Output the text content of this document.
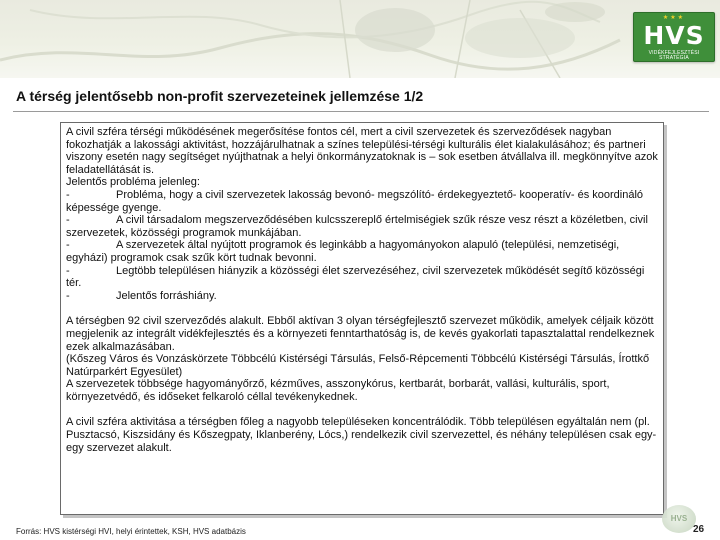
★★★
HVS
VIDÉKFEJLESZTÉSI STRATÉGIA
A térség jelentősebb non-profit szervezeteinek jellemzése 1/2

A civil szféra térségi működésének megerősítése fontos cél, mert a civil szervezetek és szerveződések nagyban fokozhatják a lakossági aktivitást, hozzájárulhatnak a színes települési-térségi kulturális élet kialakulásához; és partneri viszony esetén nagy segítséget nyújthatnak a helyi önkormányzatoknak is – sok esetben átvállalva ill. megkönnyítve azok feladatellátását is.

Jelentős probléma jelenleg:

-	Probléma, hogy a civil szervezetek lakosság bevonó- megszólító- érdekegyeztető- kooperatív- és koordináló képessége gyenge.

-	A civil társadalom megszerveződésében kulcsszereplő értelmiségiek szűk része vesz részt a közéletben, civil szervezetek, közösségi programok munkájában.

-	A szervezetek által nyújtott programok és leginkább a hagyományokon alapuló (települési, nemzetiségi, egyházi) programok csak szűk kört tudnak bevonni.

-	Legtöbb településen hiányzik a közösségi élet szervezéséhez, civil szervezetek működését segítő közösségi tér.

-	Jelentős forráshiány.

A térségben 92 civil szerveződés alakult. Ebből aktívan 3 olyan térségfejlesztő szervezet működik, amelyek céljaik között megjelenik az integrált vidékfejlesztés és a környezeti fenntarthatóság is, de kevés gyakorlati tapasztalattal rendelkeznek ezek alkalmazásában.

(Kőszeg Város és Vonzáskörzete Többcélú Kistérségi Társulás, Felső-Répcementi Többcélú Kistérségi Társulás, Írottkő Natúrparkért Egyesület)

A szervezetek többsége hagyományőrző, kézműves, asszonykórus, kertbarát, borbarát, vallási, kulturális, sport, környezetvédő, és időseket felkaroló céllal tevékenykednek.

A civil szféra aktivitása a térségben főleg a nagyobb településeken koncentrálódik. Több településen egyáltalán nem (pl. Pusztacsó, Kiszsidány és Kőszegpaty, Iklanberény, Lócs,) rendelkezik civil szervezettel, és néhány településen csak egy-egy szervezet alakult.

Forrás: HVS kistérségi HVI, helyi érintettek, KSH, HVS adatbázis
HVS
26
